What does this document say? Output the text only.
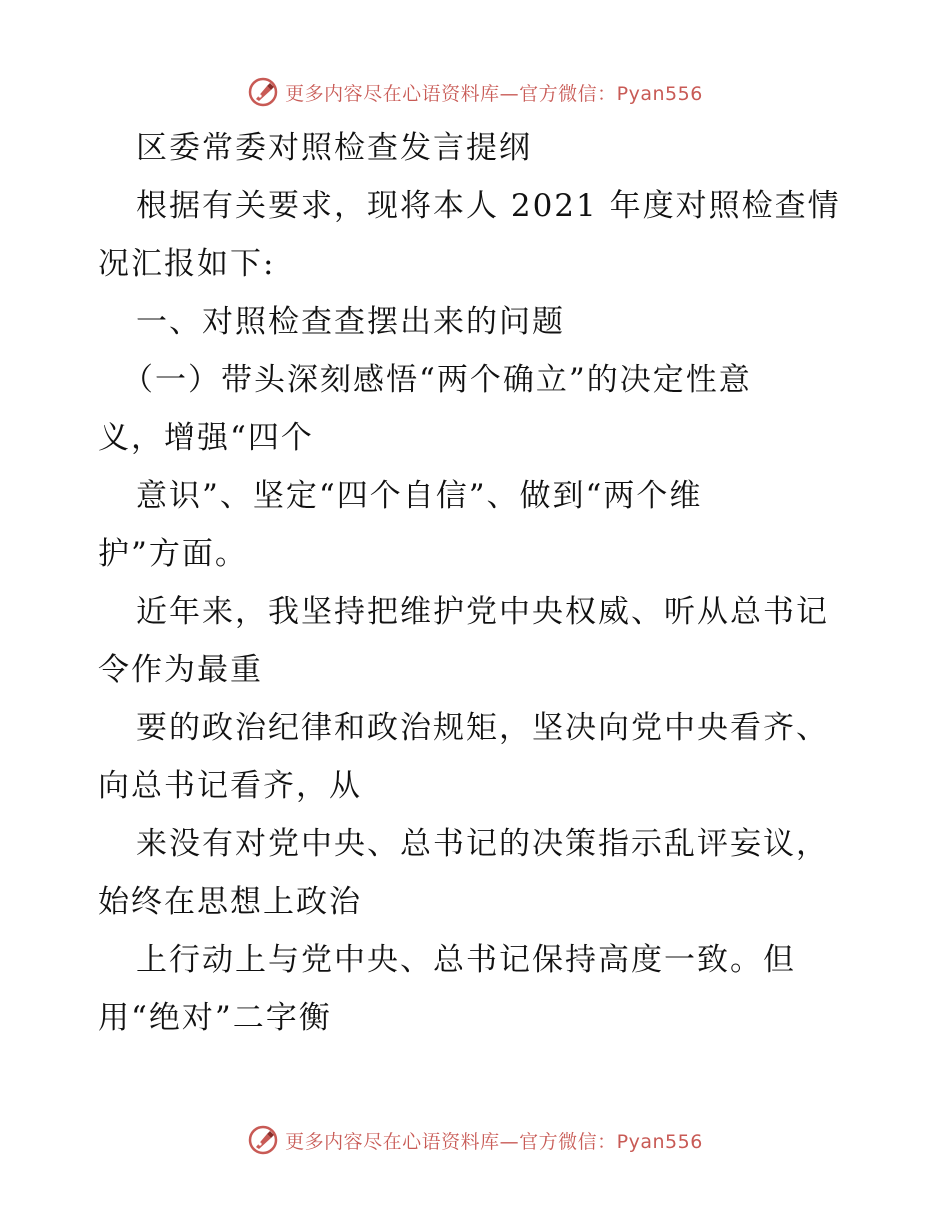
更多内容尽在心语资料库—官方微信：Pyan556
区委常委对照检查发言提纲
根据有关要求，现将本人 2021 年度对照检查情
况汇报如下:
一、对照检查查摆出来的问题
（一）带头深刻感悟“两个确立”的决定性意
义，增强“四个
意识”、坚定“四个自信”、做到“两个维
护”方面。
近年来，我坚持把维护党中央权威、听从总书记
令作为最重
要的政治纪律和政治规矩，坚决向党中央看齐、
向总书记看齐，从
来没有对党中央、总书记的决策指示乱评妄议，
始终在思想上政治
上行动上与党中央、总书记保持高度一致。但
用“绝对”二字衡
更多内容尽在心语资料库—官方微信：Pyan556
